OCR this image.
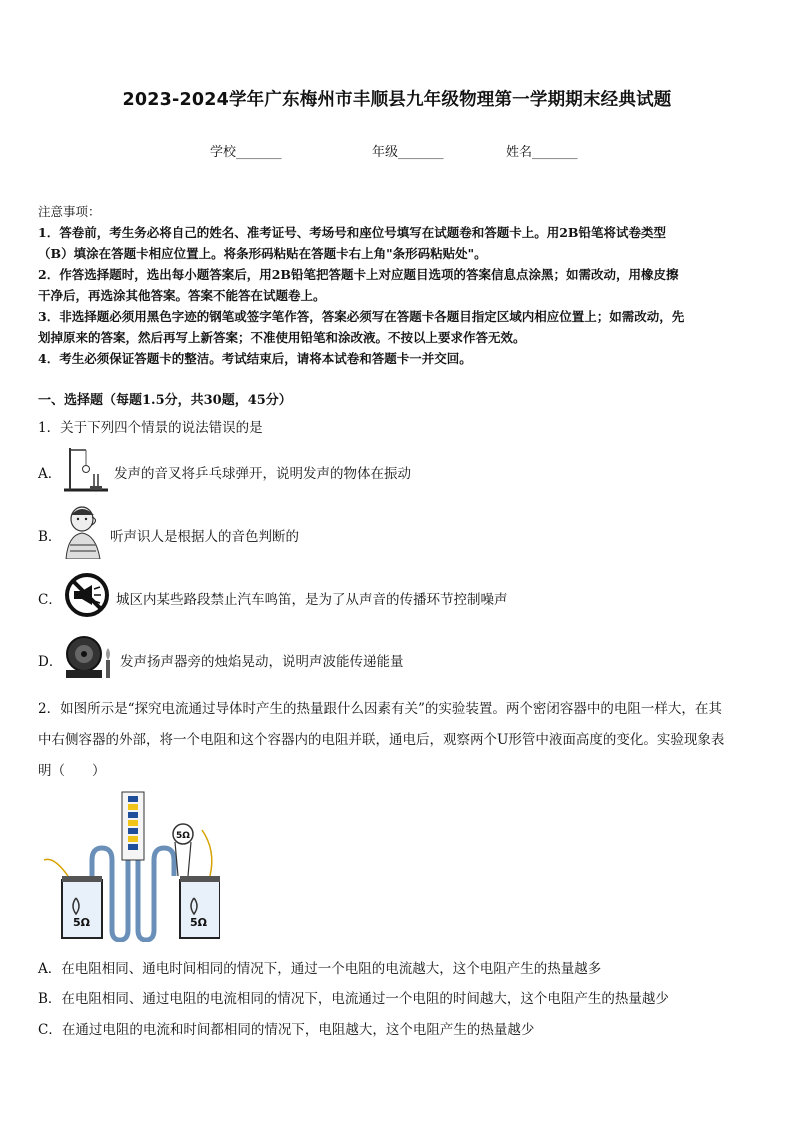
2023-2024学年广东梅州市丰顺县九年级物理第一学期期末经典试题
学校_______	年级_______	姓名_______
注意事项：
1．答卷前，考生务必将自己的姓名、准考证号、考场号和座位号填写在试题卷和答题卡上。用2B铅笔将试卷类型
（B）填涂在答题卡相应位置上。将条形码粘贴在答题卡右上角"条形码粘贴处"。
2．作答选择题时，选出每小题答案后，用2B铅笔把答题卡上对应题目选项的答案信息点涂黑；如需改动，用橡皮擦
干净后，再选涂其他答案。答案不能答在试题卷上。
3．非选择题必须用黑色字迹的钢笔或签字笔作答，答案必须写在答题卡各题目指定区域内相应位置上；如需改动，先
划掉原来的答案，然后再写上新答案；不准使用铅笔和涂改液。不按以上要求作答无效。
4．考生必须保证答题卡的整洁。考试结束后，请将本试卷和答题卡一并交回。
一、选择题（每题1.5分，共30题，45分）
1．关于下列四个情景的说法错误的是
A．	发声的音叉将乒乓球弹开，说明发声的物体在振动
B．	听声识人是根据人的音色判断的
C．	城区内某些路段禁止汽车鸣笛，是为了从声音的传播环节控制噪声
D．	发声扬声器旁的烛焰晃动，说明声波能传递能量
2．如图所示是“探究电流通过导体时产生的热量跟什么因素有关”的实验装置。两个密闭容器中的电阻一样大，在其
中右侧容器的外部，将一个电阻和这个容器内的电阻并联，通电后，观察两个U形管中液面高度的变化。实验现象表
明（　　）
5Ω	5Ω
5Ω
A．在电阻相同、通电时间相同的情况下，通过一个电阻的电流越大，这个电阻产生的热量越多
B．在电阻相同、通过电阻的电流相同的情况下，电流通过一个电阻的时间越大，这个电阻产生的热量越少
C．在通过电阻的电流和时间都相同的情况下，电阻越大，这个电阻产生的热量越少
